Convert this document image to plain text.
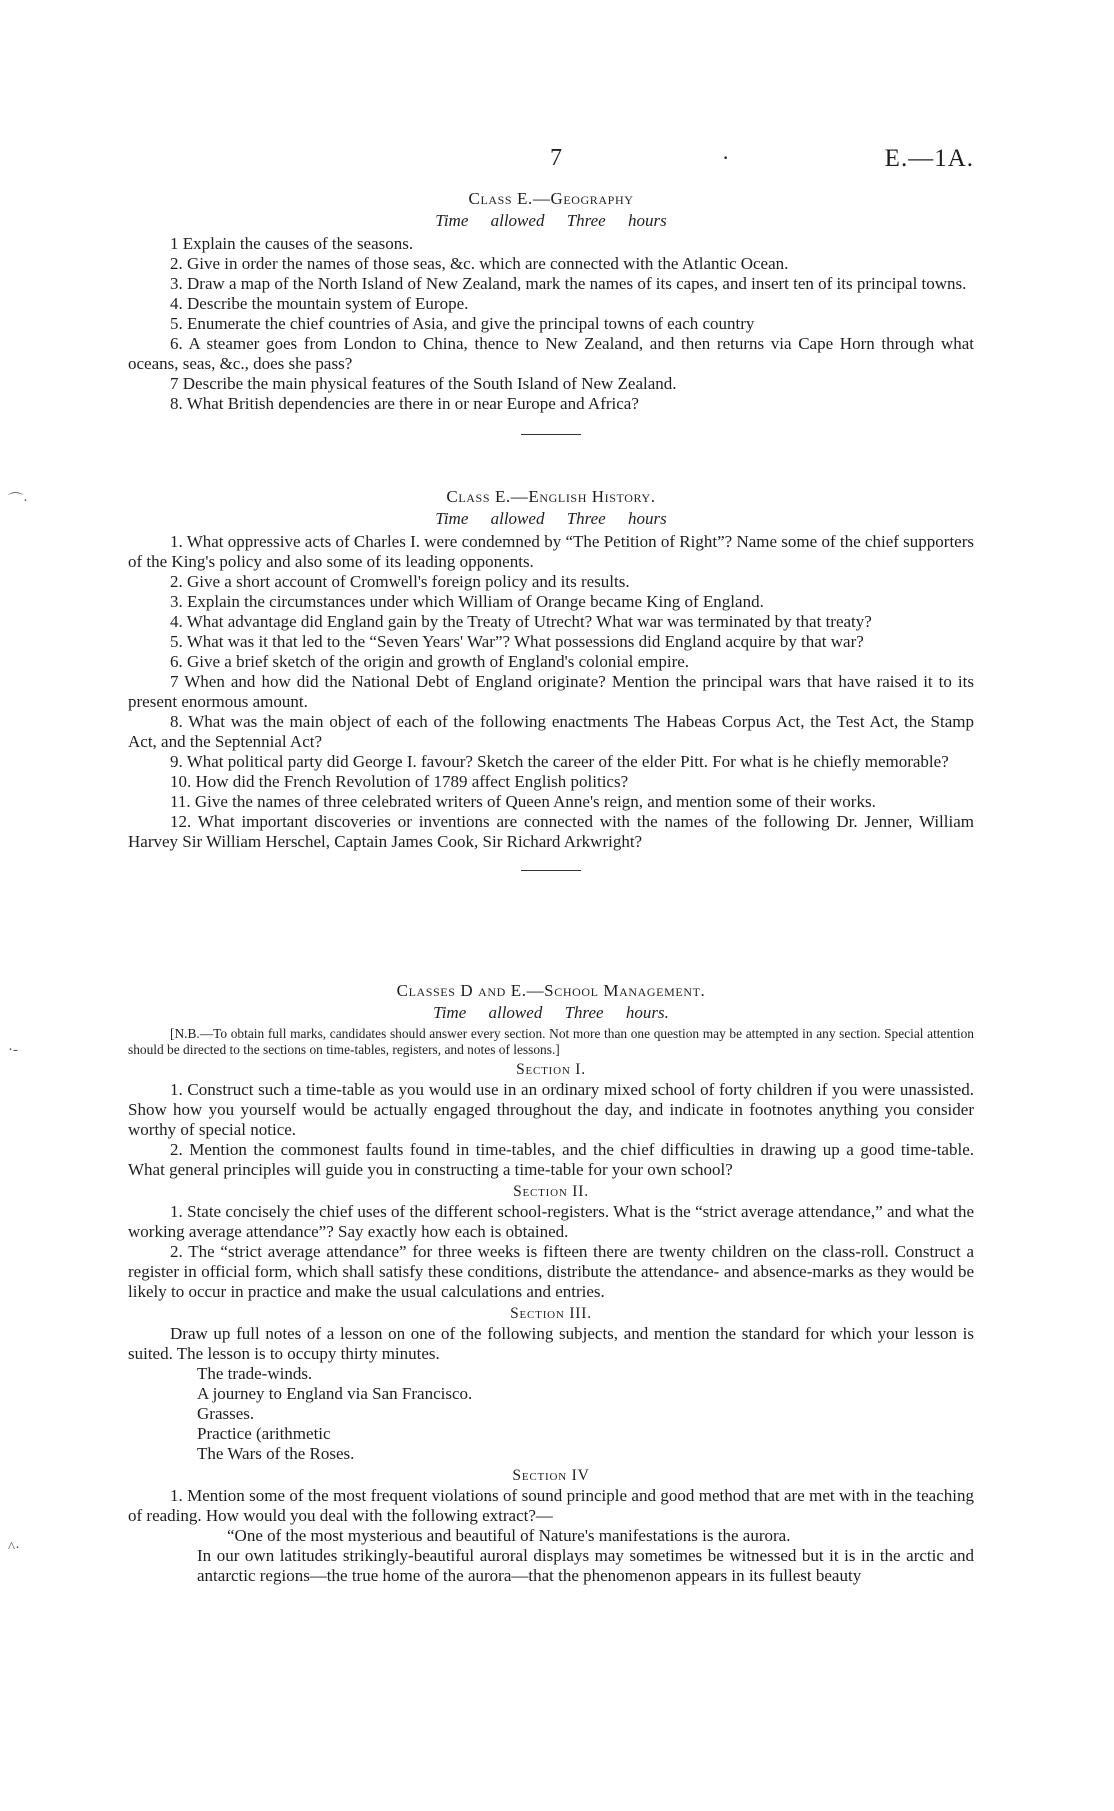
7	·	E.—1A.
⌒·
·‑
^·

Class E.—Geography

Time allowed Three hours

1 Explain the causes of the seasons.

2. Give in order the names of those seas, &c. which are connected with the Atlantic Ocean.

3. Draw a map of the North Island of New Zealand, mark the names of its capes, and insert ten of its principal towns.

4. Describe the mountain system of Europe.

5. Enumerate the chief countries of Asia, and give the principal towns of each country

6. A steamer goes from London to China, thence to New Zealand, and then returns via Cape Horn through what oceans, seas, &c., does she pass?

7 Describe the main physical features of the South Island of New Zealand.

8. What British dependencies are there in or near Europe and Africa?

Class E.—English History.

Time allowed Three hours

1. What oppressive acts of Charles I. were condemned by “The Petition of Right”? Name some of the chief supporters of the King's policy and also some of its leading opponents.

2. Give a short account of Cromwell's foreign policy and its results.

3. Explain the circumstances under which William of Orange became King of England.

4. What advantage did England gain by the Treaty of Utrecht? What war was terminated by that treaty?

5. What was it that led to the “Seven Years' War”? What possessions did England acquire by that war?

6. Give a brief sketch of the origin and growth of England's colonial empire.

7 When and how did the National Debt of England originate? Mention the principal wars that have raised it to its present enormous amount.

8. What was the main object of each of the following enactments The Habeas Corpus Act, the Test Act, the Stamp Act, and the Septennial Act?

9. What political party did George I. favour? Sketch the career of the elder Pitt. For what is he chiefly memorable?

10. How did the French Revolution of 1789 affect English politics?

11. Give the names of three celebrated writers of Queen Anne's reign, and mention some of their works.

12. What important discoveries or inventions are connected with the names of the following Dr. Jenner, William Harvey Sir William Herschel, Captain James Cook, Sir Richard Arkwright?

Classes D and E.—School Management.

Time allowed Three hours.

[N.B.—To obtain full marks, candidates should answer every section. Not more than one question may be attempted in any section. Special attention should be directed to the sections on time-tables, registers, and notes of lessons.]

Section I.

1. Construct such a time-table as you would use in an ordinary mixed school of forty children if you were unassisted. Show how you yourself would be actually engaged throughout the day, and indicate in footnotes anything you consider worthy of special notice.

2. Mention the commonest faults found in time-tables, and the chief difficulties in drawing up a good time-table. What general principles will guide you in constructing a time-table for your own school?

Section II.

1. State concisely the chief uses of the different school-registers. What is the “strict average attendance,” and what the working average attendance”? Say exactly how each is obtained.

2. The “strict average attendance” for three weeks is fifteen there are twenty children on the class-roll. Construct a register in official form, which shall satisfy these conditions, distribute the attendance- and absence-marks as they would be likely to occur in practice and make the usual calculations and entries.

Section III.

Draw up full notes of a lesson on one of the following subjects, and mention the standard for which your lesson is suited. The lesson is to occupy thirty minutes.

The trade-winds.

A journey to England via San Francisco.

Grasses.

Practice (arithmetic

The Wars of the Roses.

Section IV

1. Mention some of the most frequent violations of sound principle and good method that are met with in the teaching of reading. How would you deal with the following extract?—

“One of the most mysterious and beautiful of Nature's manifestations is the aurora.

In our own latitudes strikingly-beautiful auroral displays may sometimes be witnessed but it is in the arctic and antarctic regions—the true home of the aurora—that the phenomenon appears in its fullest beauty
